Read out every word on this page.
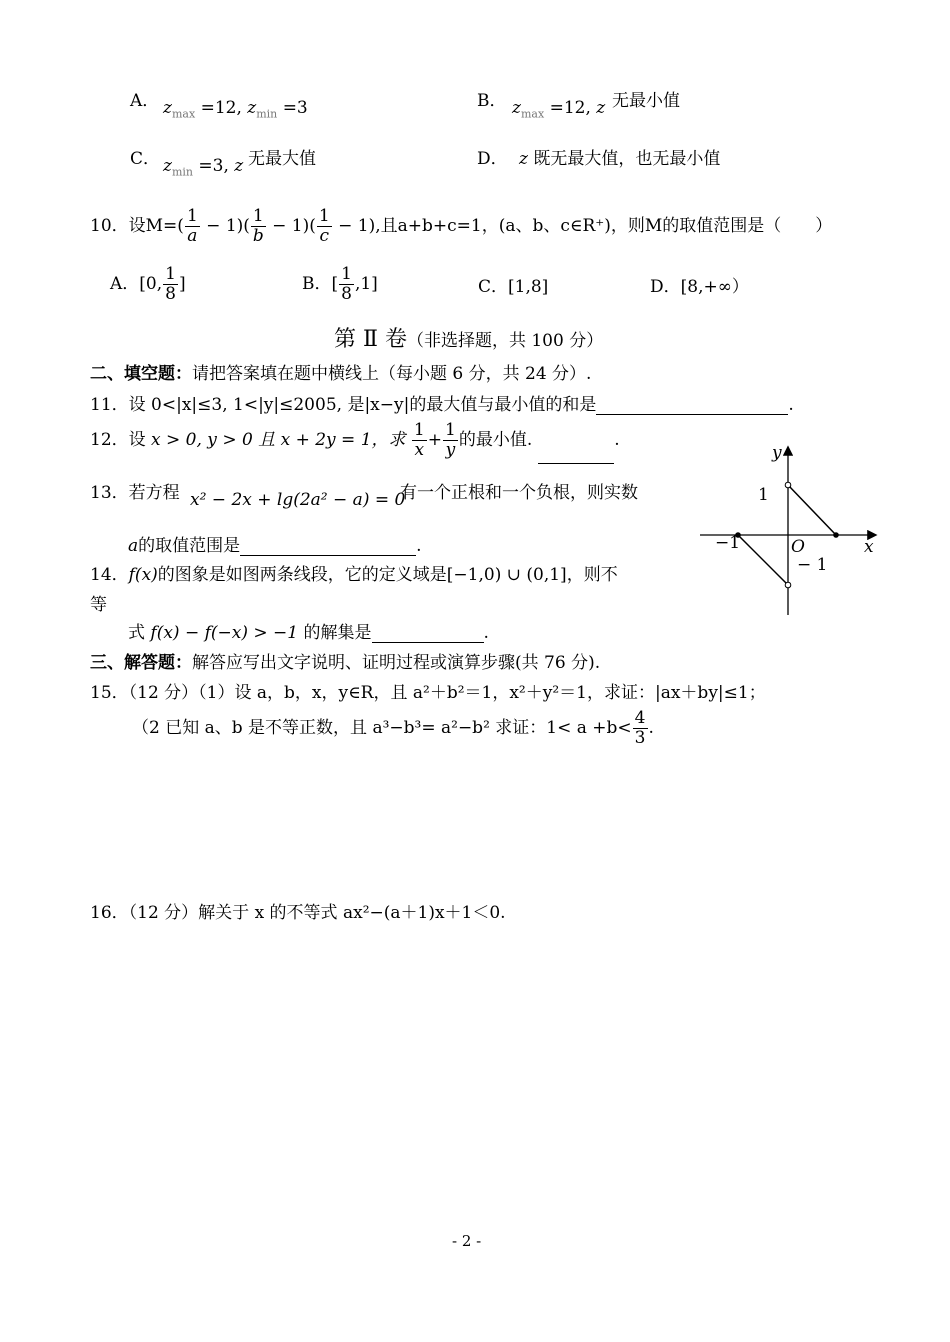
A． $z_{max} =12$, $z_{min} =3$	B． $z_{max} =12$, z 无最小值
C． $z_{min} =3$, z 无最大值	D． z 既无最大值，也无最小值
10．设$M=( \frac{1}{a} - 1)( \frac{1}{b} - 1)( \frac{1}{c} - 1)$,且a+b+c=1，(a、b、c∈R⁺)，则M的取值范围是（　　）
A．[0, $\frac{1}{8}$ ]	B．[ $\frac{1}{8} ,1$]	C．[1,8]	D．[8,+∞）
第 Ⅱ 卷（非选择题，共 100 分）
二、填空题：请把答案填在题中横线上（每小题 6 分，共 24 分）.
11．设 0<|x|≤3, 1<|y|≤2005, 是|x−y|的最大值与最小值的和是	.
12．设 x > 0, y > 0 且 x + 2y = 1，求 $\frac{1}{x} + \frac{1}{y}$ 的最小值.	.
13．若方程 x² − 2x + lg(2a² − a) = 0
有一个正根和一个负根，则实数
a的取值范围是	.
14．f(x)的图象是如图两条线段，它的定义域是[−1,0) ∪ (0,1]，则不
等
式 f(x) − f(−x) > −1 的解集是	.
y
x
O
1
−1
− 1
三、解答题：解答应写出文字说明、证明过程或演算步骤(共 76 分).
15．（12 分）（1）设 a，b，x，y∈R，且 a²＋b²＝1，x²＋y²＝1，求证：|ax＋by|≤1；
（2 已知 a、b 是不等正数，且 a³−b³= a²−b² 求证：$1< a +b< \frac{4}{3}$ .
16．（12 分）解关于 x 的不等式 ax²−(a＋1)x＋1＜0.
- 2 -
